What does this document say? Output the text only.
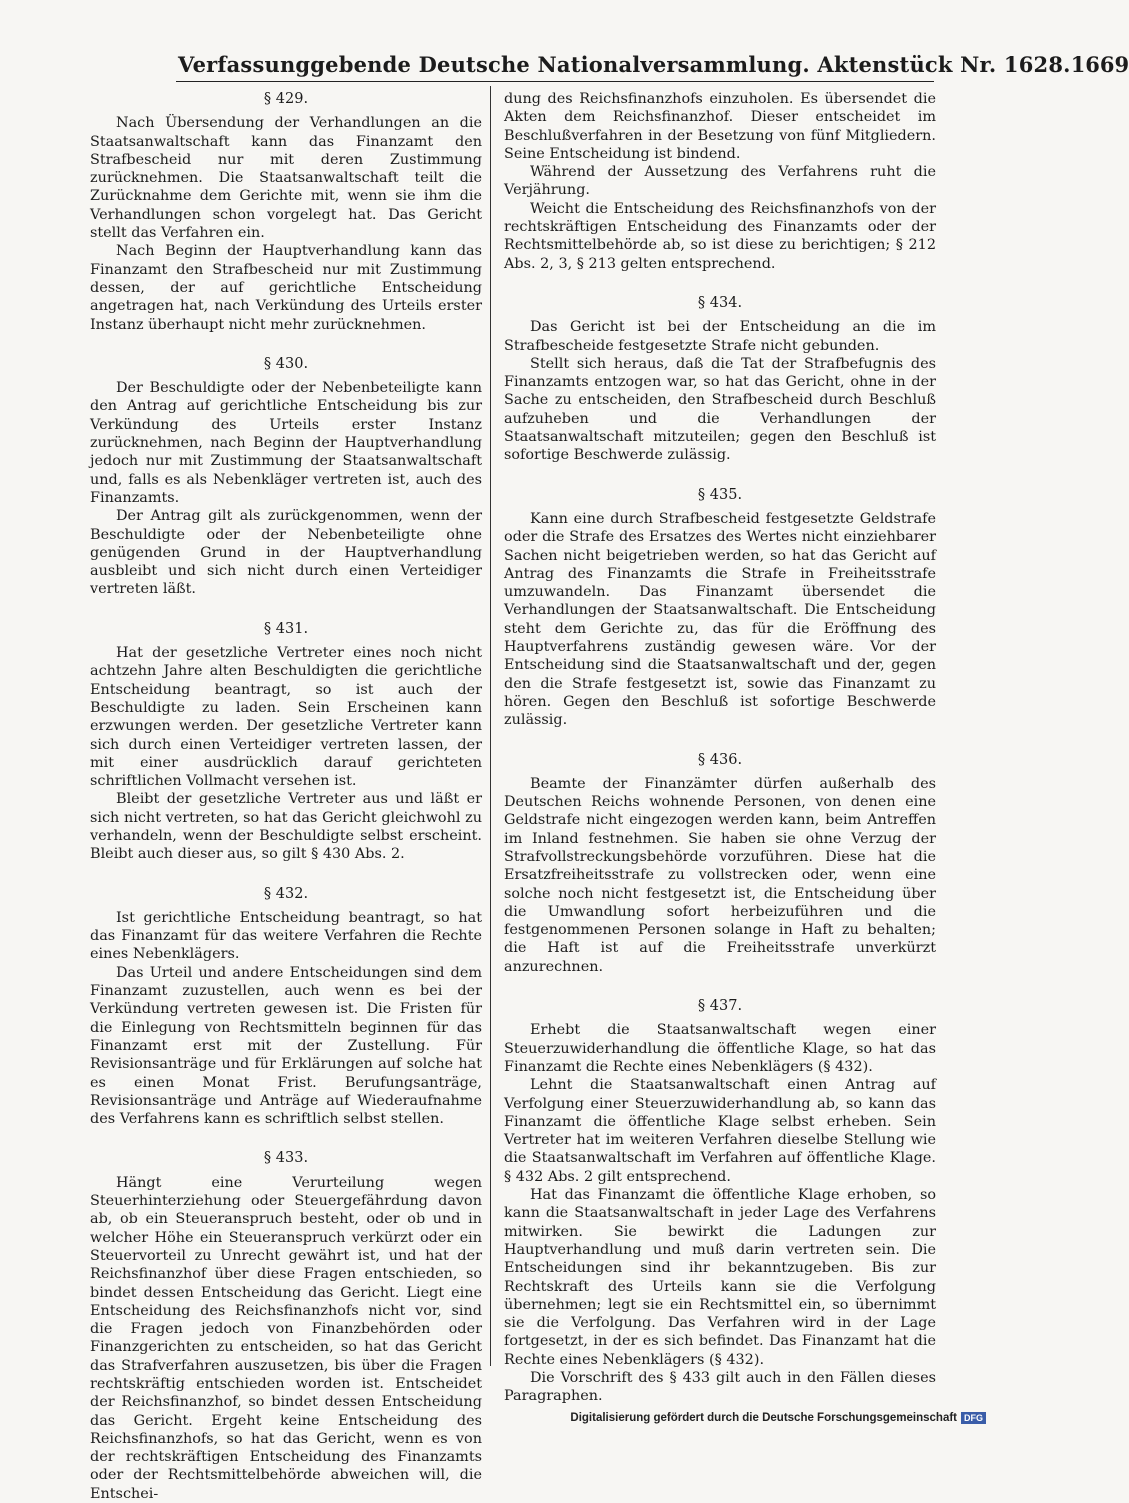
Verfassunggebende Deutsche Nationalversammlung. Aktenstück Nr. 1628. 1669
§ 429.
Nach Übersendung der Verhandlungen an die Staatsanwaltschaft kann das Finanzamt den Strafbescheid nur mit deren Zustimmung zurücknehmen. Die Staatsanwaltschaft teilt die Zurücknahme dem Gerichte mit, wenn sie ihm die Verhandlungen schon vorgelegt hat. Das Gericht stellt das Verfahren ein.
Nach Beginn der Hauptverhandlung kann das Finanzamt den Strafbescheid nur mit Zustimmung dessen, der auf gerichtliche Entscheidung angetragen hat, nach Verkündung des Urteils erster Instanz überhaupt nicht mehr zurücknehmen.
§ 430.
Der Beschuldigte oder der Nebenbeteiligte kann den Antrag auf gerichtliche Entscheidung bis zur Verkündung des Urteils erster Instanz zurücknehmen, nach Beginn der Hauptverhandlung jedoch nur mit Zustimmung der Staatsanwaltschaft und, falls es als Nebenkläger vertreten ist, auch des Finanzamts.
Der Antrag gilt als zurückgenommen, wenn der Beschuldigte oder der Nebenbeteiligte ohne genügenden Grund in der Hauptverhandlung ausbleibt und sich nicht durch einen Verteidiger vertreten läßt.
§ 431.
Hat der gesetzliche Vertreter eines noch nicht achtzehn Jahre alten Beschuldigten die gerichtliche Entscheidung beantragt, so ist auch der Beschuldigte zu laden. Sein Erscheinen kann erzwungen werden. Der gesetzliche Vertreter kann sich durch einen Verteidiger vertreten lassen, der mit einer ausdrücklich darauf gerichteten schriftlichen Vollmacht versehen ist.
Bleibt der gesetzliche Vertreter aus und läßt er sich nicht vertreten, so hat das Gericht gleichwohl zu verhandeln, wenn der Beschuldigte selbst erscheint. Bleibt auch dieser aus, so gilt § 430 Abs. 2.
§ 432.
Ist gerichtliche Entscheidung beantragt, so hat das Finanzamt für das weitere Verfahren die Rechte eines Nebenklägers.
Das Urteil und andere Entscheidungen sind dem Finanzamt zuzustellen, auch wenn es bei der Verkündung vertreten gewesen ist. Die Fristen für die Einlegung von Rechtsmitteln beginnen für das Finanzamt erst mit der Zustellung. Für Revisionsanträge und für Erklärungen auf solche hat es einen Monat Frist. Berufungsanträge, Revisionsanträge und Anträge auf Wiederaufnahme des Verfahrens kann es schriftlich selbst stellen.
§ 433.
Hängt eine Verurteilung wegen Steuerhinterziehung oder Steuergefährdung davon ab, ob ein Steueranspruch besteht, oder ob und in welcher Höhe ein Steueranspruch verkürzt oder ein Steuervorteil zu Unrecht gewährt ist, und hat der Reichsfinanzhof über diese Fragen entschieden, so bindet dessen Entscheidung das Gericht. Liegt eine Entscheidung des Reichsfinanzhofs nicht vor, sind die Fragen jedoch von Finanzbehörden oder Finanzgerichten zu entscheiden, so hat das Gericht das Strafverfahren auszusetzen, bis über die Fragen rechtskräftig entschieden worden ist. Entscheidet der Reichsfinanzhof, so bindet dessen Entscheidung das Gericht. Ergeht keine Entscheidung des Reichsfinanzhofs, so hat das Gericht, wenn es von der rechtskräftigen Entscheidung des Finanzamts oder der Rechtsmittelbehörde abweichen will, die Entschei-
dung des Reichsfinanzhofs einzuholen. Es übersendet die Akten dem Reichsfinanzhof. Dieser entscheidet im Beschlußverfahren in der Besetzung von fünf Mitgliedern. Seine Entscheidung ist bindend.
Während der Aussetzung des Verfahrens ruht die Verjährung.
Weicht die Entscheidung des Reichsfinanzhofs von der rechtskräftigen Entscheidung des Finanzamts oder der Rechtsmittelbehörde ab, so ist diese zu berichtigen; § 212 Abs. 2, 3, § 213 gelten entsprechend.
§ 434.
Das Gericht ist bei der Entscheidung an die im Strafbescheide festgesetzte Strafe nicht gebunden.
Stellt sich heraus, daß die Tat der Strafbefugnis des Finanzamts entzogen war, so hat das Gericht, ohne in der Sache zu entscheiden, den Strafbescheid durch Beschluß aufzuheben und die Verhandlungen der Staatsanwaltschaft mitzuteilen; gegen den Beschluß ist sofortige Beschwerde zulässig.
§ 435.
Kann eine durch Strafbescheid festgesetzte Geldstrafe oder die Strafe des Ersatzes des Wertes nicht einziehbarer Sachen nicht beigetrieben werden, so hat das Gericht auf Antrag des Finanzamts die Strafe in Freiheitsstrafe umzuwandeln. Das Finanzamt übersendet die Verhandlungen der Staatsanwaltschaft. Die Entscheidung steht dem Gerichte zu, das für die Eröffnung des Hauptverfahrens zuständig gewesen wäre. Vor der Entscheidung sind die Staatsanwaltschaft und der, gegen den die Strafe festgesetzt ist, sowie das Finanzamt zu hören. Gegen den Beschluß ist sofortige Beschwerde zulässig.
§ 436.
Beamte der Finanzämter dürfen außerhalb des Deutschen Reichs wohnende Personen, von denen eine Geldstrafe nicht eingezogen werden kann, beim Antreffen im Inland festnehmen. Sie haben sie ohne Verzug der Strafvollstreckungsbehörde vorzuführen. Diese hat die Ersatzfreiheitsstrafe zu vollstrecken oder, wenn eine solche noch nicht festgesetzt ist, die Entscheidung über die Umwandlung sofort herbeizuführen und die festgenommenen Personen solange in Haft zu behalten; die Haft ist auf die Freiheitsstrafe unverkürzt anzurechnen.
§ 437.
Erhebt die Staatsanwaltschaft wegen einer Steuerzuwiderhandlung die öffentliche Klage, so hat das Finanzamt die Rechte eines Nebenklägers (§ 432).
Lehnt die Staatsanwaltschaft einen Antrag auf Verfolgung einer Steuerzuwiderhandlung ab, so kann das Finanzamt die öffentliche Klage selbst erheben. Sein Vertreter hat im weiteren Verfahren dieselbe Stellung wie die Staatsanwaltschaft im Verfahren auf öffentliche Klage. § 432 Abs. 2 gilt entsprechend.
Hat das Finanzamt die öffentliche Klage erhoben, so kann die Staatsanwaltschaft in jeder Lage des Verfahrens mitwirken. Sie bewirkt die Ladungen zur Hauptverhandlung und muß darin vertreten sein. Die Entscheidungen sind ihr bekanntzugeben. Bis zur Rechtskraft des Urteils kann sie die Verfolgung übernehmen; legt sie ein Rechtsmittel ein, so übernimmt sie die Verfolgung. Das Verfahren wird in der Lage fortgesetzt, in der es sich befindet. Das Finanzamt hat die Rechte eines Nebenklägers (§ 432).
Die Vorschrift des § 433 gilt auch in den Fällen dieses Paragraphen.
Digitalisierung gefördert durch die Deutsche Forschungsgemeinschaft DFG
